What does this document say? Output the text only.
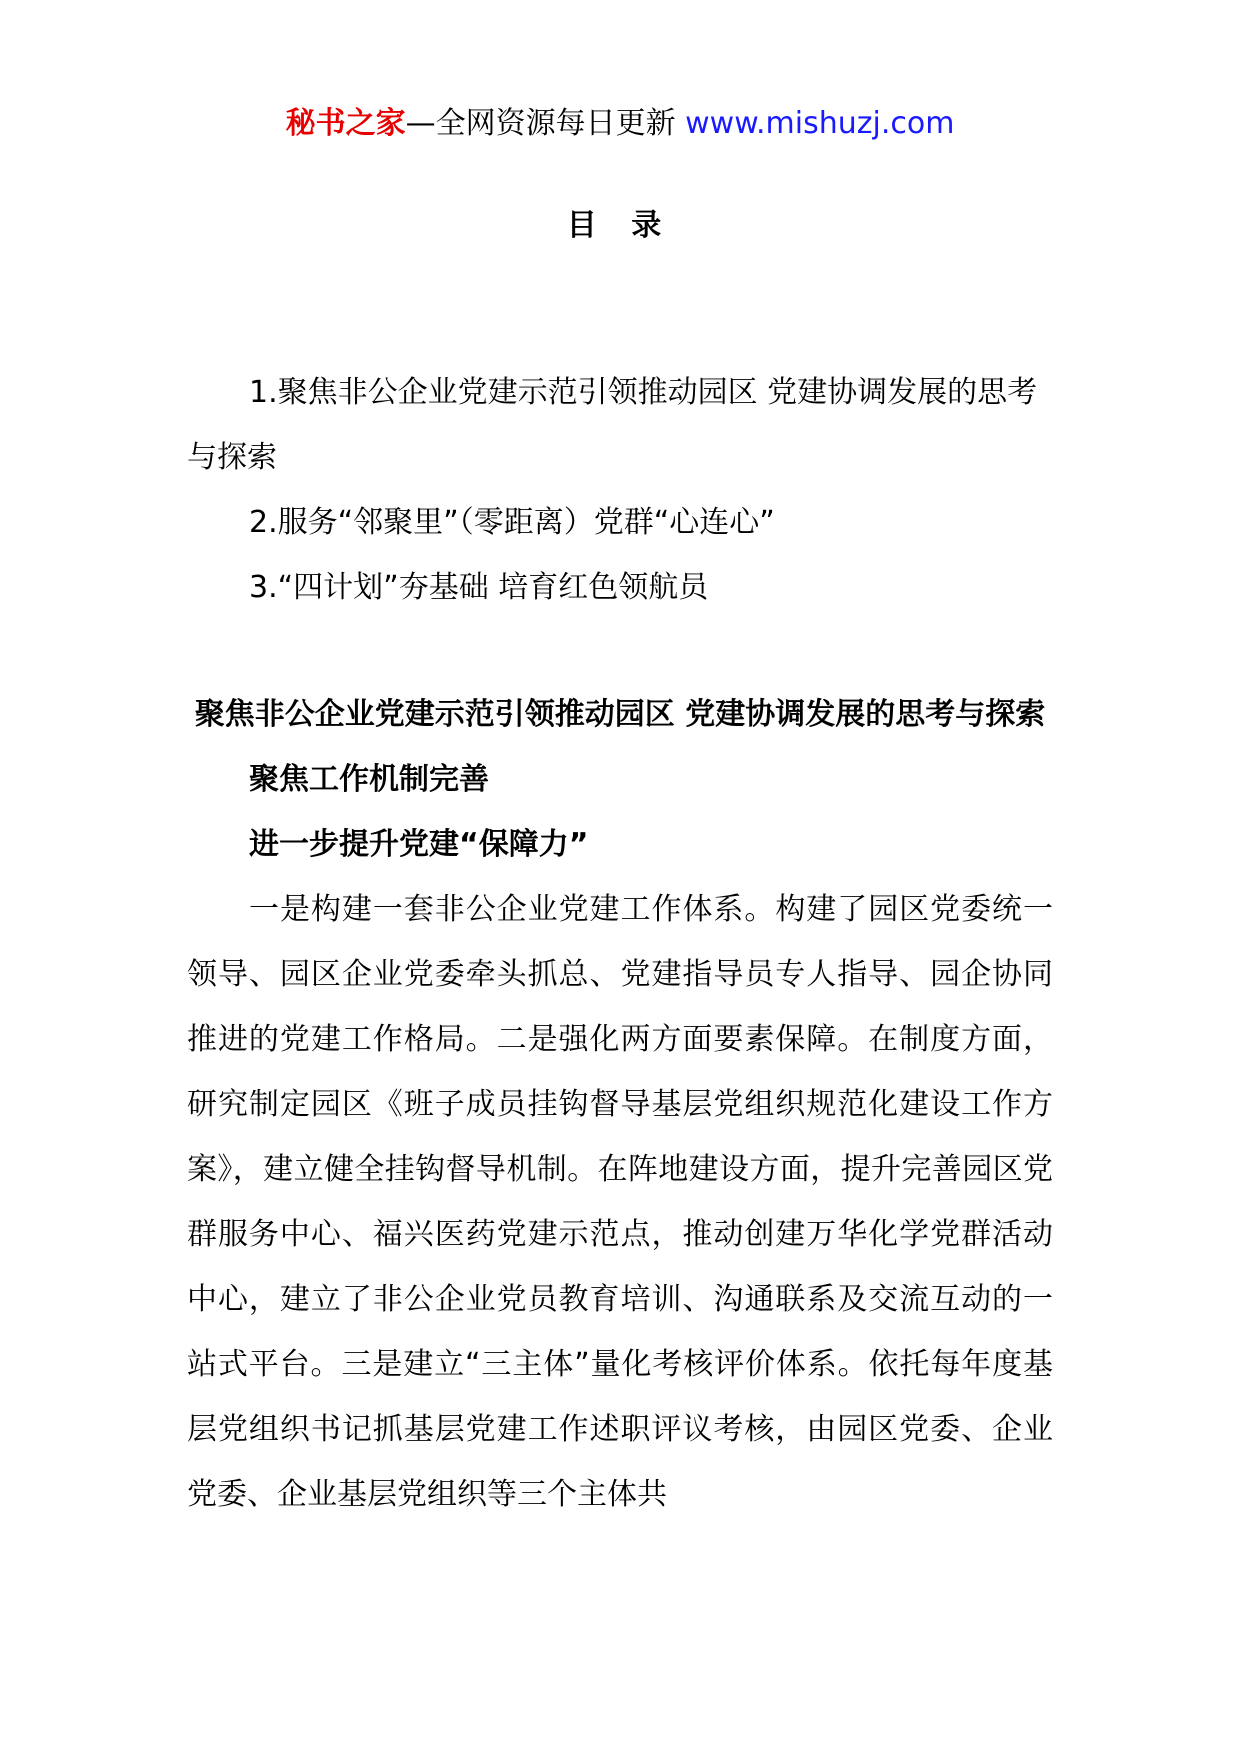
秘书之家—全网资源每日更新 www.mishuzj.com
目 录

1.聚焦非公企业党建示范引领推动园区 党建协调发展的思考与探索

2.服务“邻聚里”（零距离）党群“心连心”

3.“四计划”夯基础 培育红色领航员

聚焦非公企业党建示范引领推动园区 党建协调发展的思考与探索

聚焦工作机制完善

进一步提升党建“保障力”

一是构建一套非公企业党建工作体系。构建了园区党委统一领导、园区企业党委牵头抓总、党建指导员专人指导、园企协同推进的党建工作格局。二是强化两方面要素保障。在制度方面，研究制定园区《班子成员挂钩督导基层党组织规范化建设工作方案》，建立健全挂钩督导机制。在阵地建设方面，提升完善园区党群服务中心、福兴医药党建示范点，推动创建万华化学党群活动中心，建立了非公企业党员教育培训、沟通联系及交流互动的一站式平台。三是建立“三主体”量化考核评价体系。依托每年度基层党组织书记抓基层党建工作述职评议考核，由园区党委、企业党委、企业基层党组织等三个主体共
